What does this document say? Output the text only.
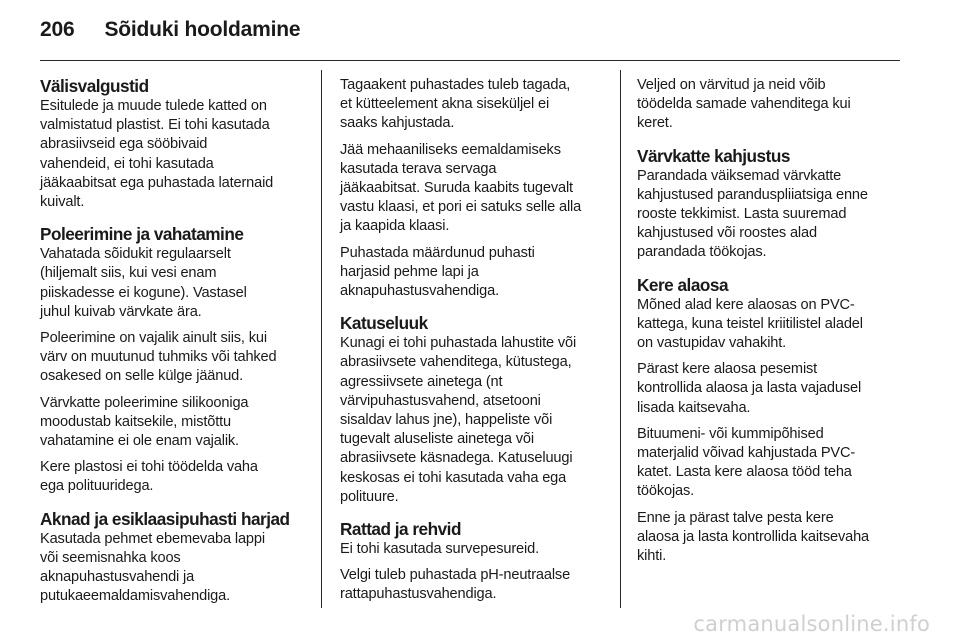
206 Sõiduki hooldamine
Välisvalgustid

Esitulede ja muude tulede katted on
valmistatud plastist. Ei tohi kasutada
abrasiivseid ega sööbivaid
vahendeid, ei tohi kasutada
jääkaabitsat ega puhastada laternaid
kuivalt.

Poleerimine ja vahatamine

Vahatada sõidukit regulaarselt
(hiljemalt siis, kui vesi enam
piiskadesse ei kogune). Vastasel
juhul kuivab värvkate ära.

Poleerimine on vajalik ainult siis, kui
värv on muutunud tuhmiks või tahked
osakesed on selle külge jäänud.

Värvkatte poleerimine silikooniga
moodustab kaitsekile, mistõttu
vahatamine ei ole enam vajalik.

Kere plastosi ei tohi töödelda vaha
ega polituuridega.

Aknad ja esiklaasipuhasti harjad

Kasutada pehmet ebemevaba lappi
või seemisnahka koos
aknapuhastusvahendi ja
putukaeemaldamisvahendiga.

Tagaakent puhastades tuleb tagada,
et kütteelement akna siseküljel ei
saaks kahjustada.

Jää mehaaniliseks eemaldamiseks
kasutada terava servaga
jääkaabitsat. Suruda kaabits tugevalt
vastu klaasi, et pori ei satuks selle alla
ja kaapida klaasi.

Puhastada määrdunud puhasti
harjasid pehme lapi ja
aknapuhastusvahendiga.

Katuseluuk

Kunagi ei tohi puhastada lahustite või
abrasiivsete vahenditega, kütustega,
agressiivsete ainetega (nt
värvipuhastusvahend, atsetooni
sisaldav lahus jne), happeliste või
tugevalt aluseliste ainetega või
abrasiivsete käsnadega. Katuseluugi
keskosas ei tohi kasutada vaha ega
polituure.

Rattad ja rehvid

Ei tohi kasutada survepesureid.

Velgi tuleb puhastada pH-neutraalse
rattapuhastusvahendiga.

Veljed on värvitud ja neid võib
töödelda samade vahenditega kui
keret.

Värvkatte kahjustus

Parandada väiksemad värvkatte
kahjustused paranduspliiatsiga enne
rooste tekkimist. Lasta suuremad
kahjustused või roostes alad
parandada töökojas.

Kere alaosa

Mõned alad kere alaosas on PVC-
kattega, kuna teistel kriitilistel aladel
on vastupidav vahakiht.

Pärast kere alaosa pesemist
kontrollida alaosa ja lasta vajadusel
lisada kaitsevaha.

Bituumeni- või kummipõhised
materjalid võivad kahjustada PVC-
katet. Lasta kere alaosa tööd teha
töökojas.

Enne ja pärast talve pesta kere
alaosa ja lasta kontrollida kaitsevaha
kihti.

carmanualsonline.info
